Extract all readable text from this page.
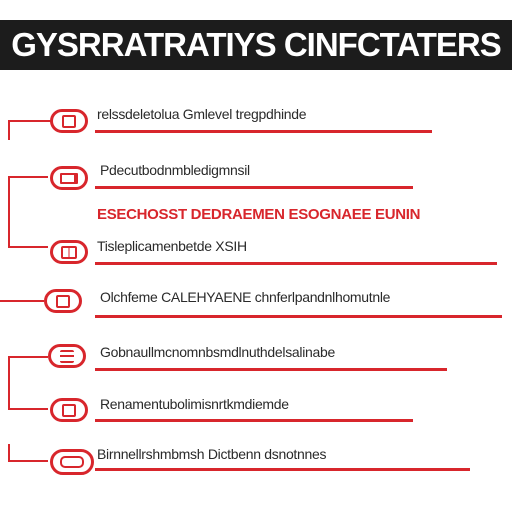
GYSRRATRATIYS CINFCTATERS
relssdeletolua Gmlevel tregpdhinde
Pdecutbodnmbledigmnsil
ESECHOSST DEDRAEMEN ESOGNAEE EUNIN
Tisleplicamenbetde XSIH
Olchfeme CALEHYAENE chnferlpandnlhomutnle
Gobnaullmcnomnbsmdlnuthdelsalinabe
Renamentubolimisnrtkmdiemde
Birnnellrshmbmsh Dictbenn dsnotnnes
